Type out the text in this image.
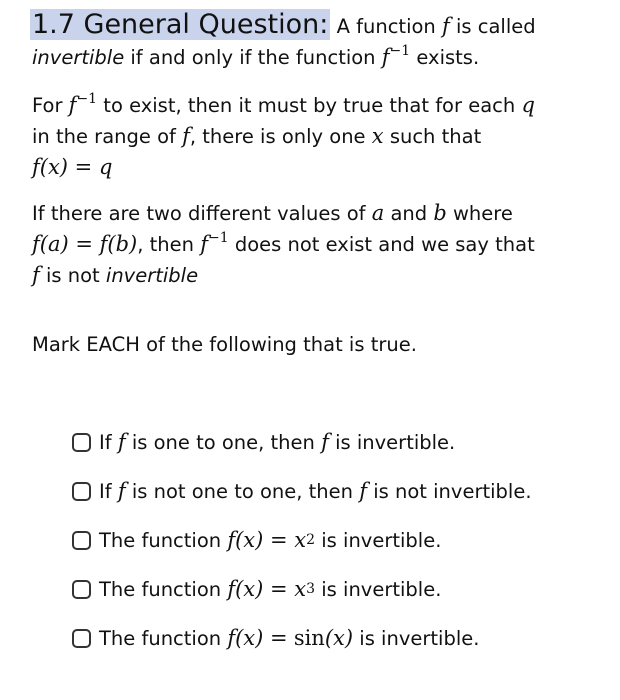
1.7 General Question: A function f is called
invertible if and only if the function $f^{-1}$ exists.
For $f^{-1}$ to exist, then it must by true that for each q
in the range of f, there is only one x such that
f(x) = q
If there are two different values of a and b where
f(a) = f(b), then $f^{-1}$ does not exist and we say that
f is not invertible
Mark EACH of the following that is true.
If
f
is one to one, then
f
is invertible.
If
f
is not one to one, then
f
is not invertible.
The function
f(x) = x 2
is invertible.
The function
f(x) = x 3
is invertible.
The function
f(x) =
sin (x)
is invertible.
